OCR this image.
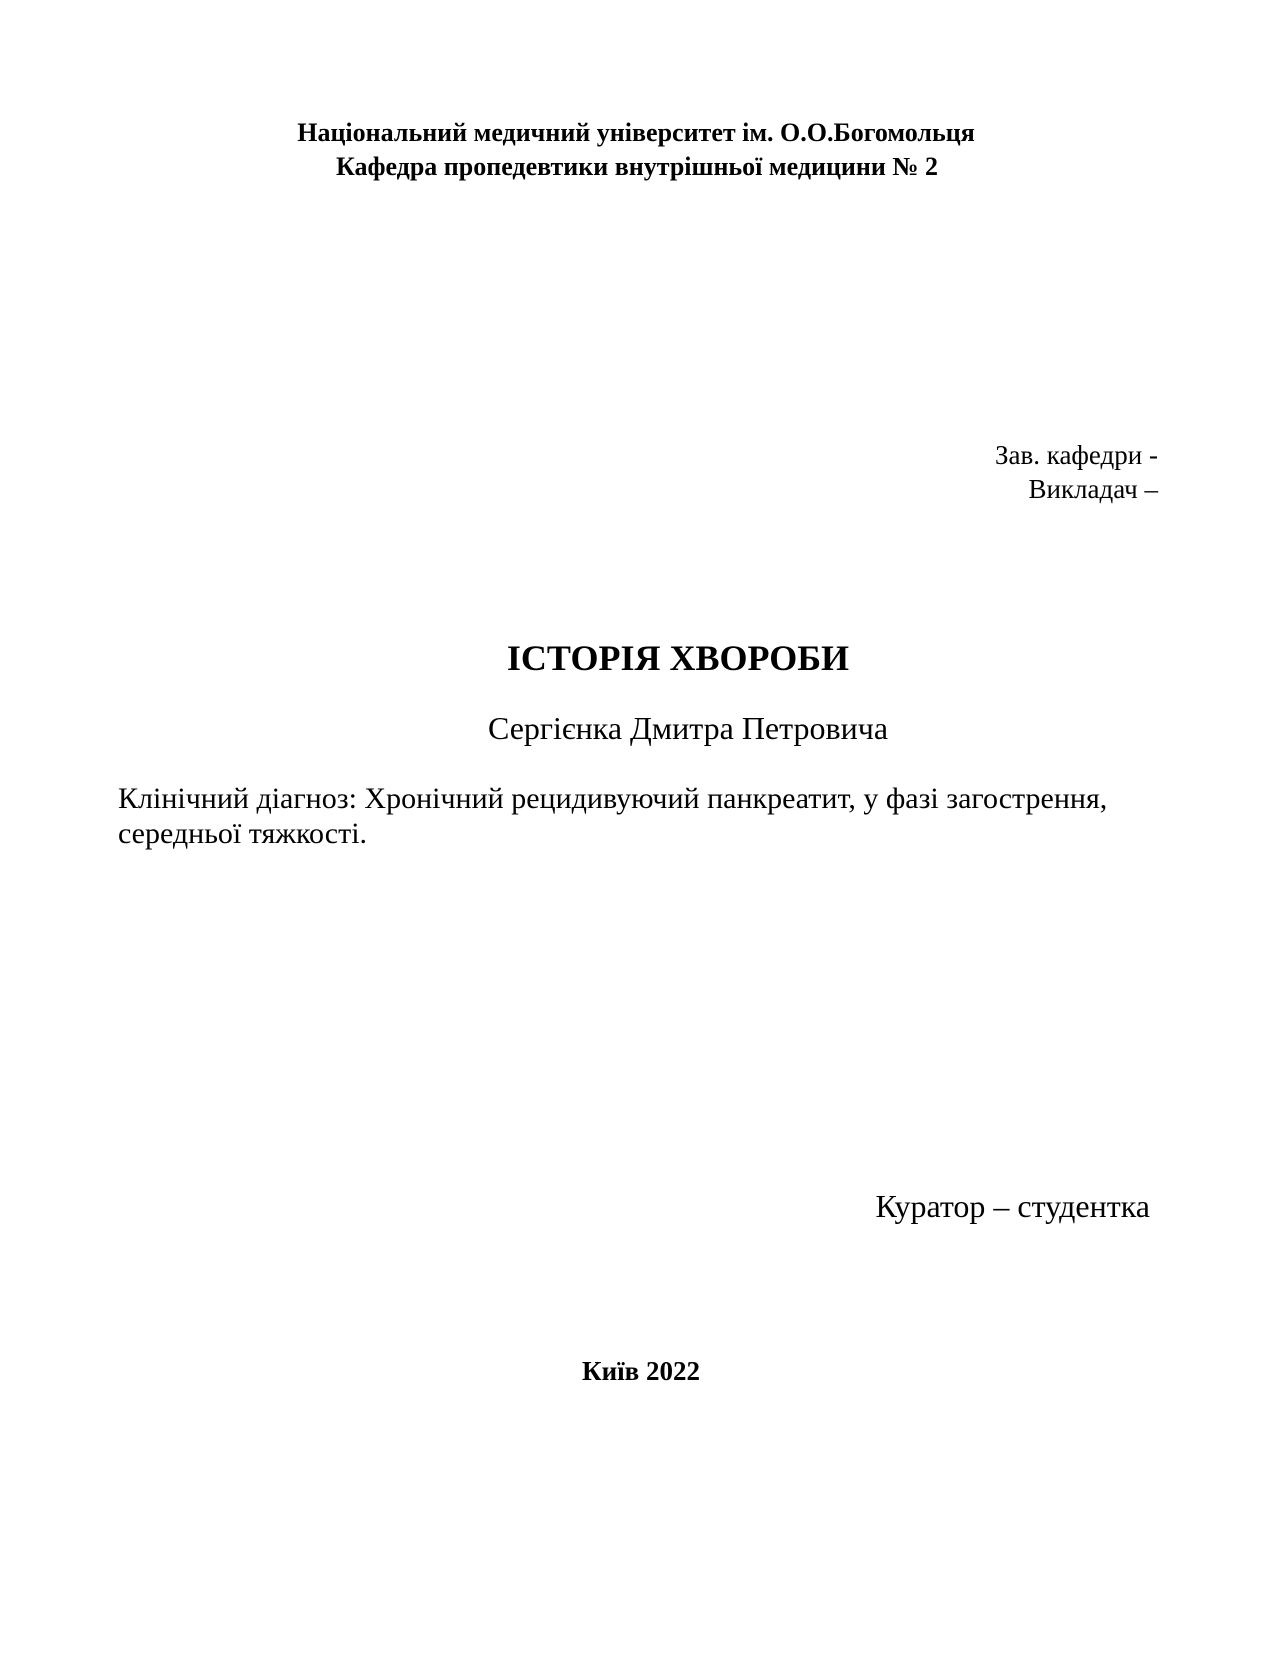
Національний медичний університет ім. О.О.Богомольця
Кафедра пропедевтики внутрішньої медицини № 2
Зав. кафедри -
Викладач –
ІСТОРІЯ ХВОРОБИ
Сергієнка Дмитра Петровича
Клінічний діагноз: Хронічний рецидивуючий панкреатит, у фазі загострення, середньої тяжкості.
Куратор – студентка
Київ 2022
